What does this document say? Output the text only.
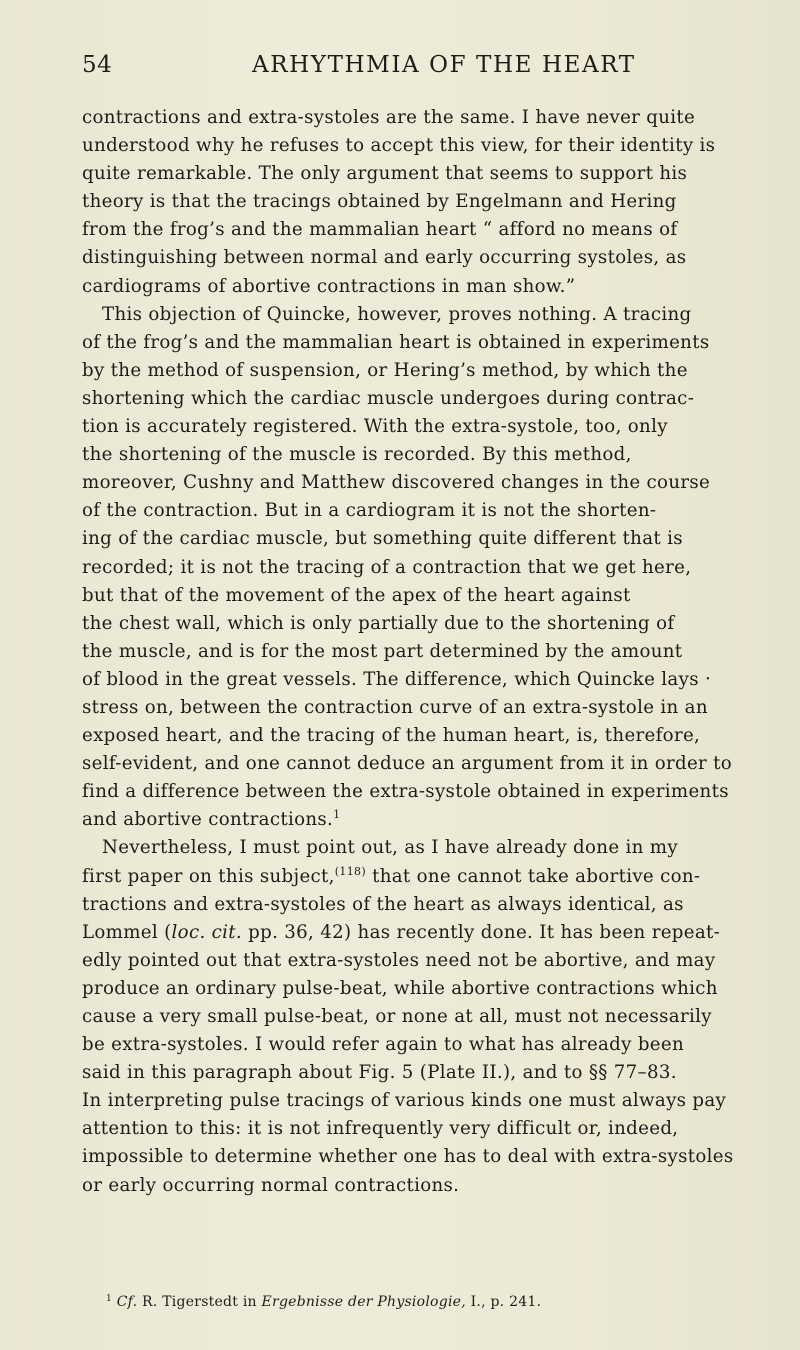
54	ARHYTHMIA OF THE HEART
contractions and extra-systoles are the same. I have never quite
understood why he refuses to accept this view, for their identity is
quite remarkable. The only argument that seems to support his
theory is that the tracings obtained by Engelmann and Hering
from the frog’s and the mammalian heart “ afford no means of
distinguishing between normal and early occurring systoles, as
cardiograms of abortive contractions in man show.”
This objection of Quincke, however, proves nothing. A tracing
of the frog’s and the mammalian heart is obtained in experiments
by the method of suspension, or Hering’s method, by which the
shortening which the cardiac muscle undergoes during contrac-
tion is accurately registered. With the extra-systole, too, only
the shortening of the muscle is recorded. By this method,
moreover, Cushny and Matthew discovered changes in the course
of the contraction. But in a cardiogram it is not the shorten-
ing of the cardiac muscle, but something quite different that is
recorded; it is not the tracing of a contraction that we get here,
but that of the movement of the apex of the heart against
the chest wall, which is only partially due to the shortening of
the muscle, and is for the most part determined by the amount
of blood in the great vessels. The difference, which Quincke lays ·
stress on, between the contraction curve of an extra-systole in an
exposed heart, and the tracing of the human heart, is, therefore,
self-evident, and one cannot deduce an argument from it in order to
find a difference between the extra-systole obtained in experiments
and abortive contractions.$^1$
Nevertheless, I must point out, as I have already done in my
first paper on this subject,$^{(118)}$ that one cannot take abortive con-
tractions and extra-systoles of the heart as always identical, as
Lommel (loc. cit. pp. 36, 42) has recently done. It has been repeat-
edly pointed out that extra-systoles need not be abortive, and may
produce an ordinary pulse-beat, while abortive contractions which
cause a very small pulse-beat, or none at all, must not necessarily
be extra-systoles. I would refer again to what has already been
said in this paragraph about Fig. 5 (Plate II.), and to §§ 77–83.
In interpreting pulse tracings of various kinds one must always pay
attention to this: it is not infrequently very difficult or, indeed,
impossible to determine whether one has to deal with extra-systoles
or early occurring normal contractions.
$^1$ Cf. R. Tigerstedt in Ergebnisse der Physiologie, I., p. 241.
